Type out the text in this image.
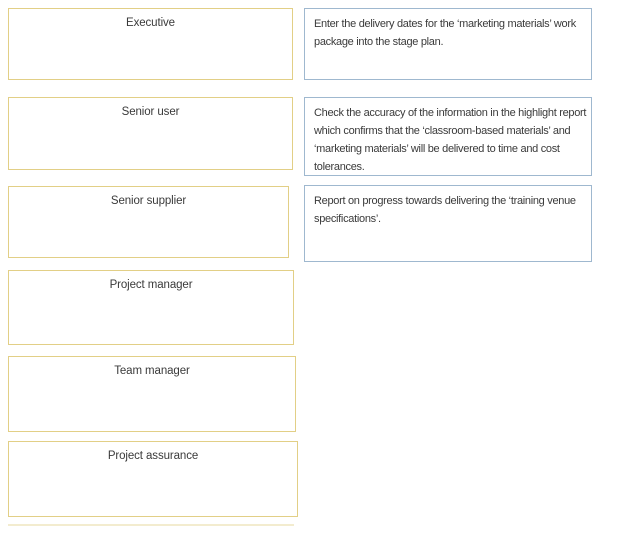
Executive
Senior user
Senior supplier
Project manager
Team manager
Project assurance
Enter the delivery dates for the ‘marketing materials’ work package into the stage plan.
Check the accuracy of the information in the highlight report which confirms that the ‘classroom-based materials’ and ‘marketing materials’ will be delivered to time and cost tolerances.
Report on progress towards delivering the ‘training venue specifications’.
